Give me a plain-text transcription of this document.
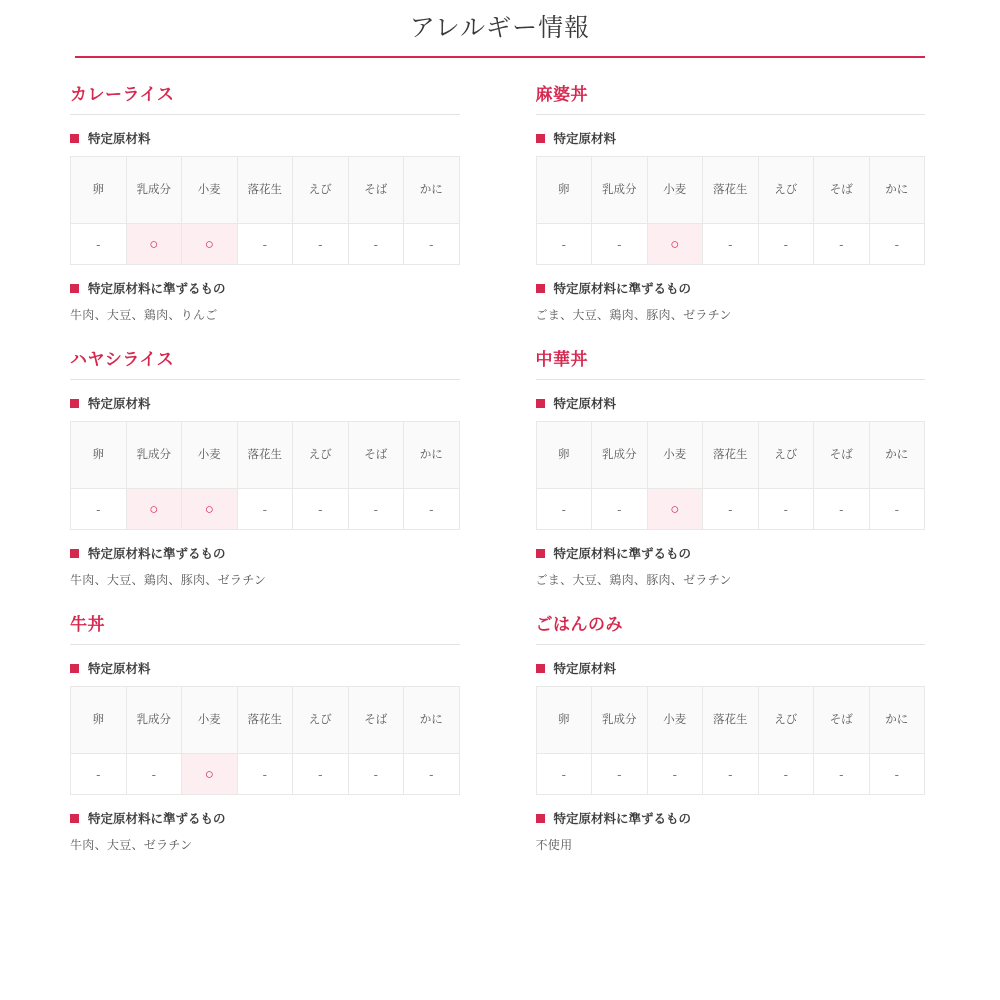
アレルギー情報
カレーライス
特定原材料
卵	乳成分	小麦	落花生	えび	そば	かに
-	○	○	-	-	-	-
特定原材料に準ずるもの

牛肉、大豆、鶏肉、りんご

ハヤシライス
特定原材料
卵	乳成分	小麦	落花生	えび	そば	かに
-	○	○	-	-	-	-
特定原材料に準ずるもの

牛肉、大豆、鶏肉、豚肉、ゼラチン

牛丼
特定原材料
卵	乳成分	小麦	落花生	えび	そば	かに
-	-	○	-	-	-	-
特定原材料に準ずるもの

牛肉、大豆、ゼラチン

麻婆丼
特定原材料
卵	乳成分	小麦	落花生	えび	そば	かに
-	-	○	-	-	-	-
特定原材料に準ずるもの

ごま、大豆、鶏肉、豚肉、ゼラチン

中華丼
特定原材料
卵	乳成分	小麦	落花生	えび	そば	かに
-	-	○	-	-	-	-
特定原材料に準ずるもの

ごま、大豆、鶏肉、豚肉、ゼラチン

ごはんのみ
特定原材料
卵	乳成分	小麦	落花生	えび	そば	かに
-	-	-	-	-	-	-
特定原材料に準ずるもの

不使用
